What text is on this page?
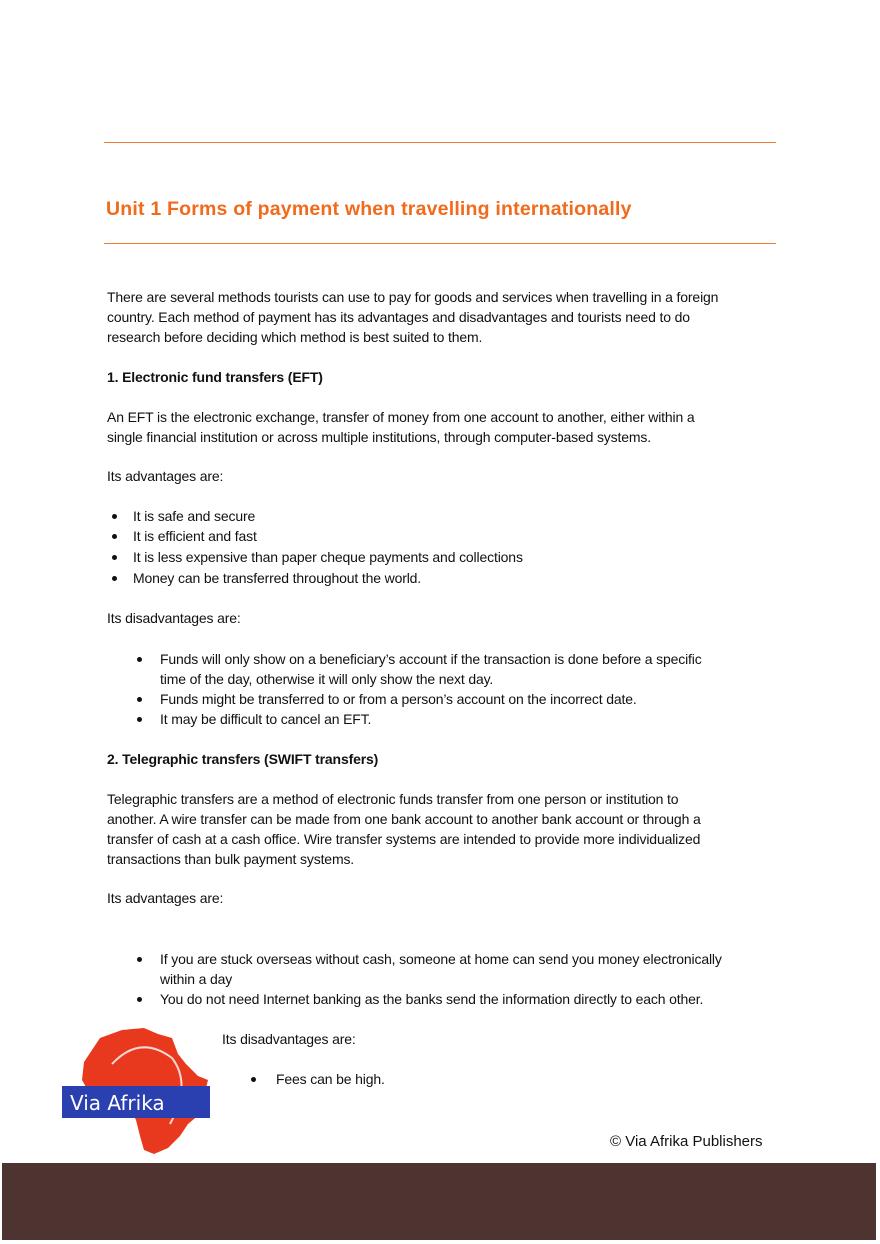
Unit 1 Forms of payment when travelling internationally
There are several methods tourists can use to pay for goods and services when travelling in a foreign
country. Each method of payment has its advantages and disadvantages and tourists need to do
research before deciding which method is best suited to them.
1. Electronic fund transfers (EFT)
An EFT is the electronic exchange, transfer of money from one account to another, either within a
single financial institution or across multiple institutions, through computer-based systems.
Its advantages are:
It is safe and secure
It is efficient and fast
It is less expensive than paper cheque payments and collections
Money can be transferred throughout the world.
Its disadvantages are:
Funds will only show on a beneficiary’s account if the transaction is done before a specific
time of the day, otherwise it will only show the next day.
Funds might be transferred to or from a person’s account on the incorrect date.
It may be difficult to cancel an EFT.
2. Telegraphic transfers (SWIFT transfers)
Telegraphic transfers are a method of electronic funds transfer from one person or institution to
another. A wire transfer can be made from one bank account to another bank account or through a
transfer of cash at a cash office. Wire transfer systems are intended to provide more individualized
transactions than bulk payment systems.
Its advantages are:
If you are stuck overseas without cash, someone at home can send you money electronically
within a day
You do not need Internet banking as the banks send the information directly to each other.
Its disadvantages are:
Fees can be high.
Via Afrika
© Via Afrika Publishers
